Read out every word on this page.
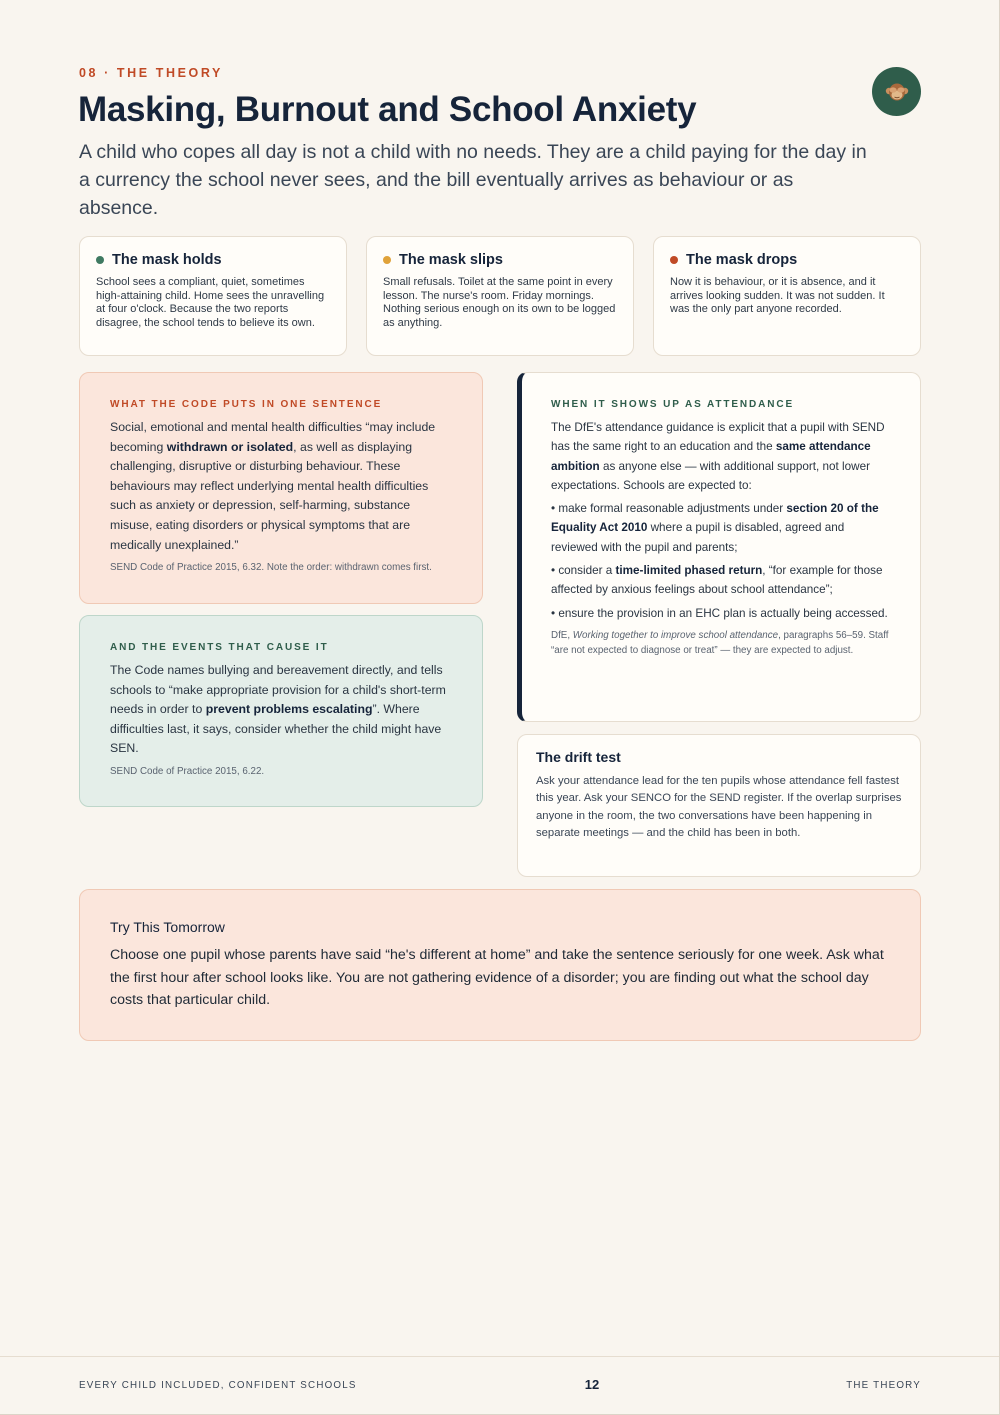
08 · THE THEORY
Masking, Burnout and School Anxiety

A child who copes all day is not a child with no needs. They are a child paying for the day in a currency the school never sees, and the bill eventually arrives as behaviour or as absence.

The mask holds

School sees a compliant, quiet, sometimes high-attaining child. Home sees the unravelling at four o'clock. Because the two reports disagree, the school tends to believe its own.

The mask slips

Small refusals. Toilet at the same point in every lesson. The nurse's room. Friday mornings. Nothing serious enough on its own to be logged as anything.

The mask drops

Now it is behaviour, or it is absence, and it arrives looking sudden. It was not sudden. It was the only part anyone recorded.

WHAT THE CODE PUTS IN ONE SENTENCE

Social, emotional and mental health difficulties “may include becoming withdrawn or isolated, as well as displaying challenging, disruptive or disturbing behaviour. These behaviours may reflect underlying mental health difficulties such as anxiety or depression, self-harming, substance misuse, eating disorders or physical symptoms that are medically unexplained.”

SEND Code of Practice 2015, 6.32. Note the order: withdrawn comes first.

AND THE EVENTS THAT CAUSE IT

The Code names bullying and bereavement directly, and tells schools to “make appropriate provision for a child's short-term needs in order to prevent problems escalating”. Where difficulties last, it says, consider whether the child might have SEN.

SEND Code of Practice 2015, 6.22.

WHEN IT SHOWS UP AS ATTENDANCE

The DfE's attendance guidance is explicit that a pupil with SEND has the same right to an education and the same attendance ambition as anyone else — with additional support, not lower expectations. Schools are expected to:

• make formal reasonable adjustments under section 20 of the Equality Act 2010 where a pupil is disabled, agreed and reviewed with the pupil and parents;

• consider a time-limited phased return, “for example for those affected by anxious feelings about school attendance”;

• ensure the provision in an EHC plan is actually being accessed.

DfE, Working together to improve school attendance, paragraphs 56–59. Staff “are not expected to diagnose or treat” — they are expected to adjust.

The drift test

Ask your attendance lead for the ten pupils whose attendance fell fastest this year. Ask your SENCO for the SEND register. If the overlap surprises anyone in the room, the two conversations have been happening in separate meetings — and the child has been in both.

Try This Tomorrow

Choose one pupil whose parents have said “he's different at home” and take the sentence seriously for one week. Ask what the first hour after school looks like. You are not gathering evidence of a disorder; you are finding out what the school day costs that particular child.

EVERY CHILD INCLUDED, CONFIDENT SCHOOLS	12	THE THEORY
